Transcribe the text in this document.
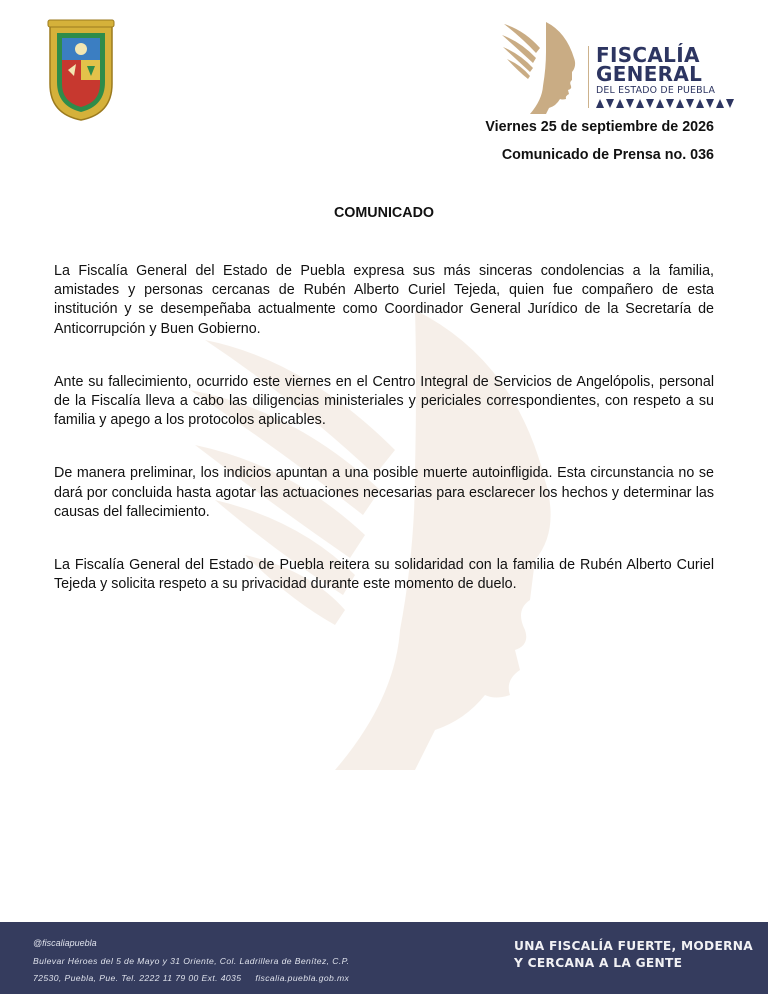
FISCALÍA
GENERAL
DEL ESTADO DE PUEBLA
Viernes 25 de septiembre de 2026
Comunicado de Prensa no. 036
COMUNICADO

La Fiscalía General del Estado de Puebla expresa sus más sinceras condolencias a la familia, amistades y personas cercanas de Rubén Alberto Curiel Tejeda, quien fue compañero de esta institución y se desempeñaba actualmente como Coordinador General Jurídico de la Secretaría de Anticorrupción y Buen Gobierno.

Ante su fallecimiento, ocurrido este viernes en el Centro Integral de Servicios de Angelópolis, personal de la Fiscalía lleva a cabo las diligencias ministeriales y periciales correspondientes, con respeto a su familia y apego a los protocolos aplicables.

De manera preliminar, los indicios apuntan a una posible muerte autoinfligida. Esta circunstancia no se dará por concluida hasta agotar las actuaciones necesarias para esclarecer los hechos y determinar las causas del fallecimiento.

La Fiscalía General del Estado de Puebla reitera su solidaridad con la familia de Rubén Alberto Curiel Tejeda y solicita respeto a su privacidad durante este momento de duelo.

@fiscaliapuebla
Bulevar Héroes del 5 de Mayo y 31 Oriente, Col. Ladrillera de Benítez, C.P.
72530, Puebla, Pue. Tel. 2222 11 79 00 Ext. 4035 fiscalia.puebla.gob.mx
UNA FISCALÍA FUERTE, MODERNA
Y CERCANA A LA GENTE
